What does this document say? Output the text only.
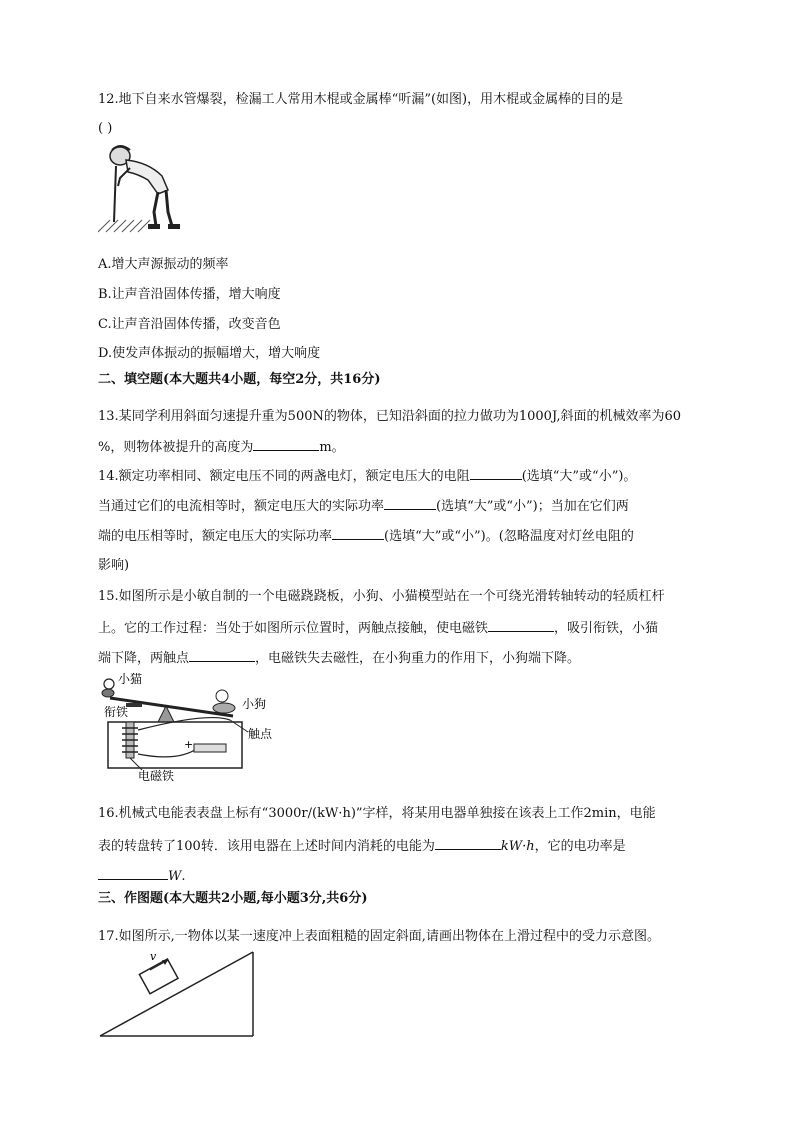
12.地下自来水管爆裂，检漏工人常用木棍或金属棒“听漏”(如图)，用木棍或金属棒的目的是
( )
A.增大声源振动的频率
B.让声音沿固体传播，增大响度
C.让声音沿固体传播，改变音色
D.使发声体振动的振幅增大，增大响度
二、填空题(本大题共4小题，每空2分，共16分)
13.某同学利用斜面匀速提升重为500N的物体，已知沿斜面的拉力做功为1000J,斜面的机械效率为60
%，则物体被提升的高度为	m。
14.额定功率相同、额定电压不同的两盏电灯，额定电压大的电阻	(选填“大”或“小”)。
当通过它们的电流相等时，额定电压大的实际功率	(选填“大”或“小”)；当加在它们两
端的电压相等时，额定电压大的实际功率	(选填“大”或“小”)。(忽略温度对灯丝电阻的
影响)
15.如图所示是小敏自制的一个电磁跷跷板，小狗、小猫模型站在一个可绕光滑转轴转动的轻质杠杆
上。它的工作过程：当处于如图所示位置时，两触点接触，使电磁铁	，吸引衔铁，小猫
端下降，两触点	，电磁铁失去磁性，在小狗重力的作用下，小狗端下降。
小猫
小狗
衔铁
+
触点
电磁铁
16.机械式电能表表盘上标有“3000r/(kW·h)”字样，将某用电器单独接在该表上工作2min，电能
表的转盘转了100转．该用电器在上述时间内消耗的电能为	kW·h，它的电功率是
W.
三、作图题(本大题共2小题,每小题3分,共6分)
17.如图所示,一物体以某一速度冲上表面粗糙的固定斜面,请画出物体在上滑过程中的受力示意图。
v
